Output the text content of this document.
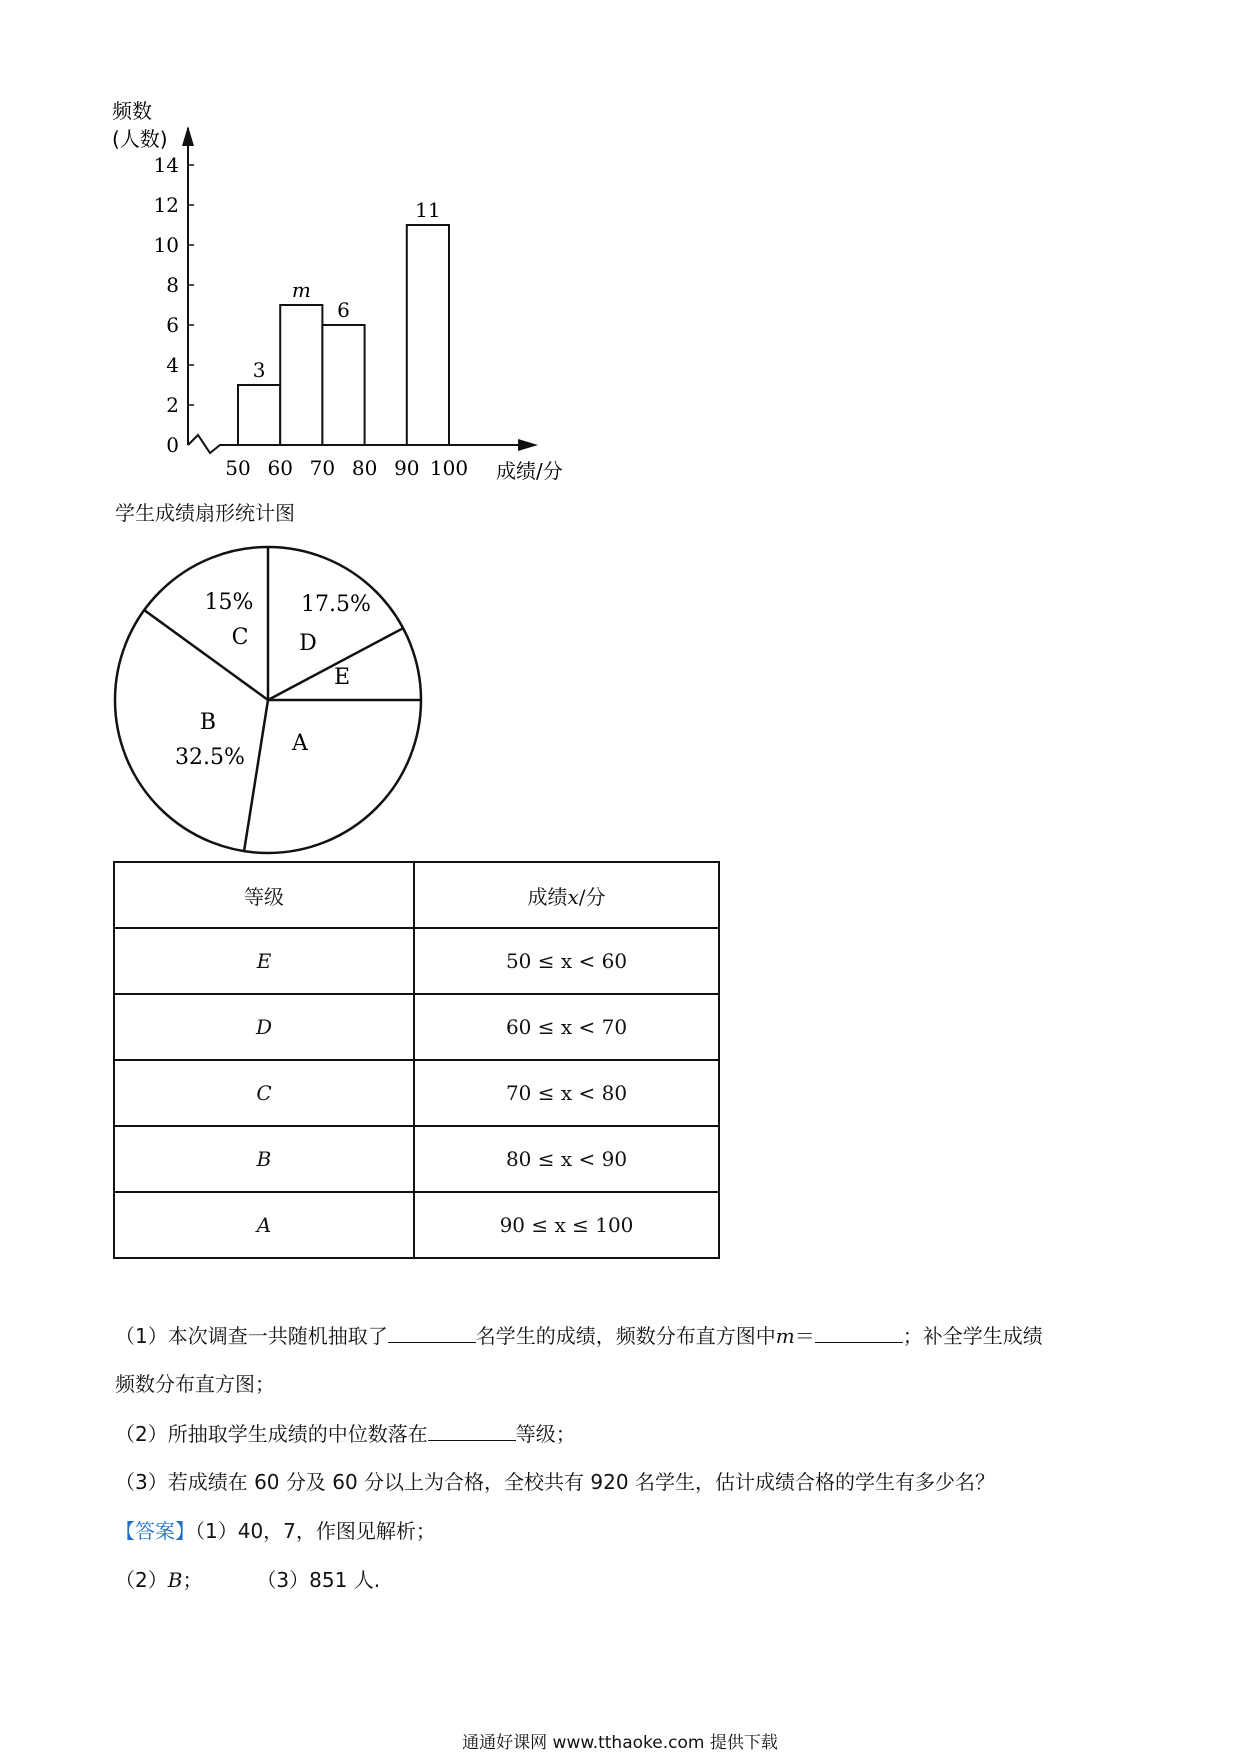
0
2
4
6
8
10
12
14
50 60 70 80 90 100
频数
(人数)
成绩/分
3
m
6
11
学生成绩扇形统计图
C
15%
D
17.5%
E
A
B
32.5%
等级	成绩x/分
E	50 ≤ x < 60
D	60 ≤ x < 70
C	70 ≤ x < 80
B	80 ≤ x < 90
A	90 ≤ x ≤ 100
（1）本次调查一共随机抽取了	名学生的成绩，频数分布直方图中m＝	；补全学生成绩
频数分布直方图；
（2）所抽取学生成绩的中位数落在	等级；
（3）若成绩在 60 分及 60 分以上为合格，全校共有 920 名学生，估计成绩合格的学生有多少名？
【答案】（1）40，7，作图见解析；
（2）B；	（3）851 人.
通通好课网 www.tthaoke.com 提供下载
